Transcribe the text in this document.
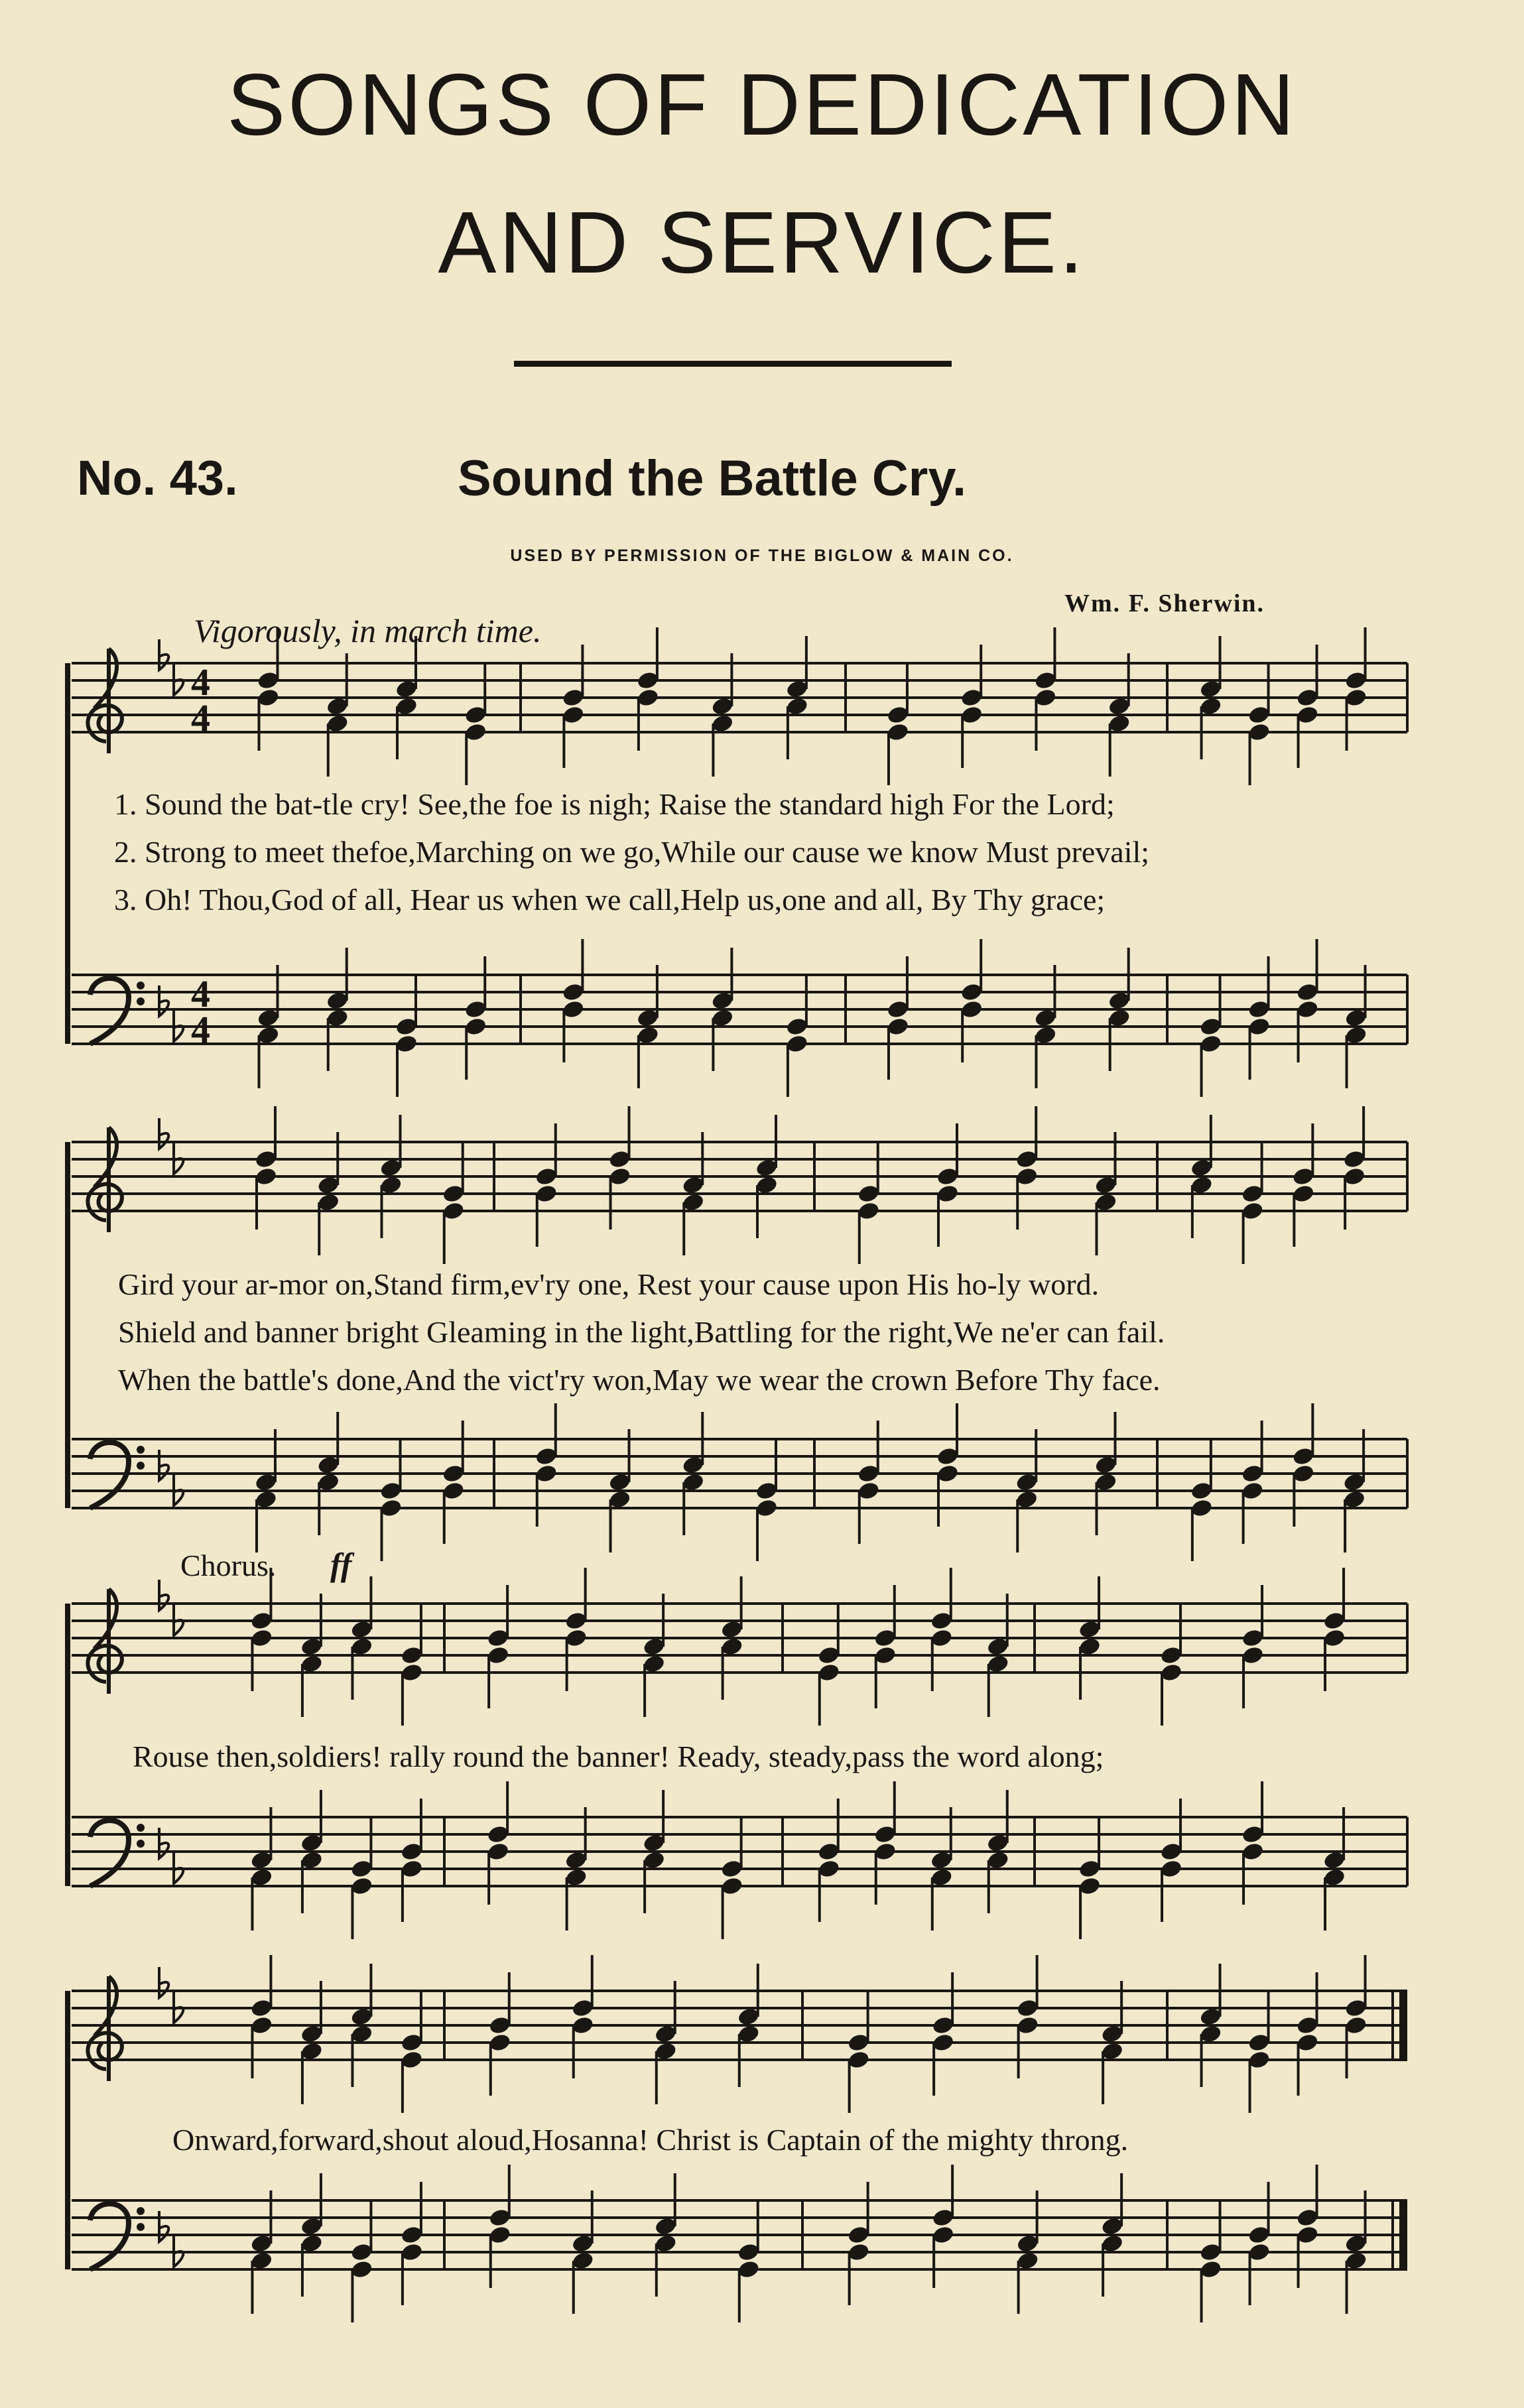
SONGS OF DEDICATION
AND SERVICE.
No. 43.	Sound the Battle Cry.
USED BY PERMISSION OF THE BIGLOW & MAIN CO.
Wm. F. Sherwin.
Vigorously, in march time.
1. Sound the bat-tle cry! See,the foe is nigh; Raise the standard high For the Lord;
2. Strong to meet thefoe,Marching on we go,While our cause we know Must prevail;
3. Oh! Thou,God of all, Hear us when we call,Help us,one and all, By Thy grace;
Gird your ar-mor on,Stand firm,ev'ry one, Rest your cause upon His ho-ly word.
Shield and banner bright Gleaming in the light,Battling for the right,We ne'er can fail.
When the battle's done,And the vict'ry won,May we wear the crown Before Thy face.
Chorus. ff
Rouse then,soldiers! rally round the banner! Ready, steady,pass the word along;
Onward,forward,shout aloud,Hosanna! Christ is Captain of the mighty throng.
4
4
4
4
